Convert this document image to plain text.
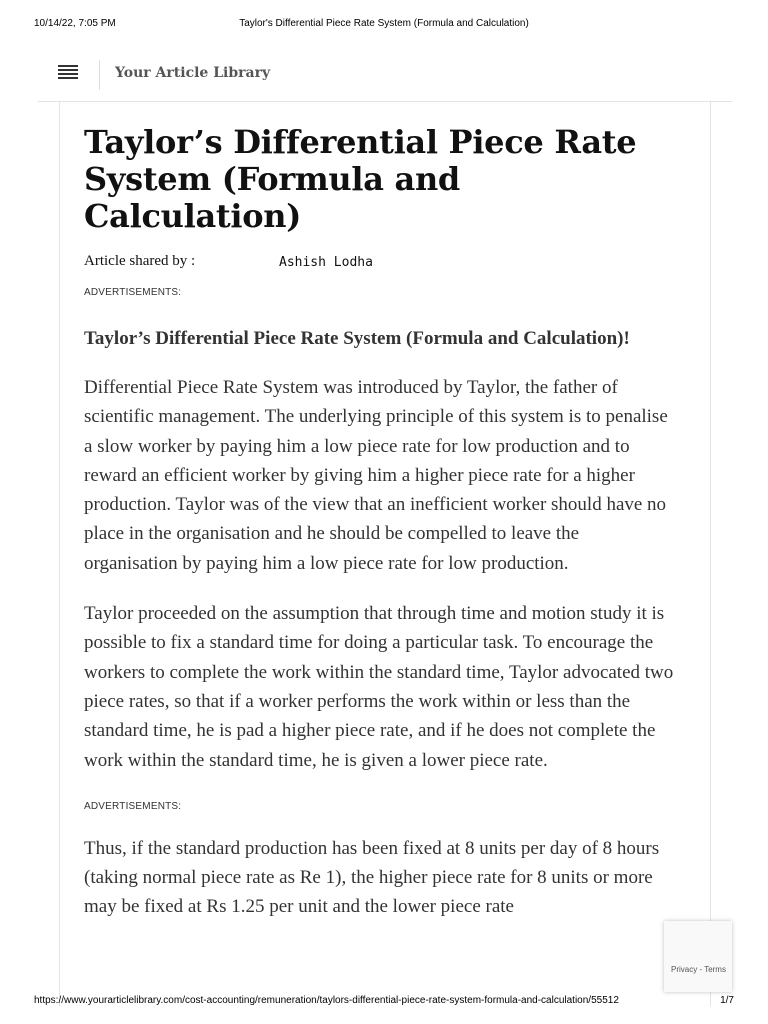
10/14/22, 7:05 PM	Taylor's Differential Piece Rate System (Formula and Calculation)
Your Article Library
Taylor’s Differential Piece Rate System (Formula and Calculation)
Article shared by :	Ashish Lodha
ADVERTISEMENTS:
Taylor’s Differential Piece Rate System (Formula and Calculation)!

Differential Piece Rate System was introduced by Taylor, the father of scientific management. The underlying principle of this system is to penalise a slow worker by paying him a low piece rate for low production and to reward an efficient worker by giving him a higher piece rate for a higher production. Taylor was of the view that an inefficient worker should have no place in the organisation and he should be compelled to leave the organisation by paying him a low piece rate for low production.

Taylor proceeded on the assumption that through time and motion study it is possible to fix a standard time for doing a particular task. To encourage the workers to complete the work within the standard time, Taylor advocated two piece rates, so that if a worker performs the work within or less than the standard time, he is pad a higher piece rate, and if he does not complete the work within the standard time, he is given a lower piece rate.

ADVERTISEMENTS:

Thus, if the standard production has been fixed at 8 units per day of 8 hours (taking normal piece rate as Re 1), the higher piece rate for 8 units or more may be fixed at Rs 1.25 per unit and the lower piece rate

Privacy - Terms
https://www.yourarticlelibrary.com/cost-accounting/remuneration/taylors-differential-piece-rate-system-formula-and-calculation/55512	1/7
